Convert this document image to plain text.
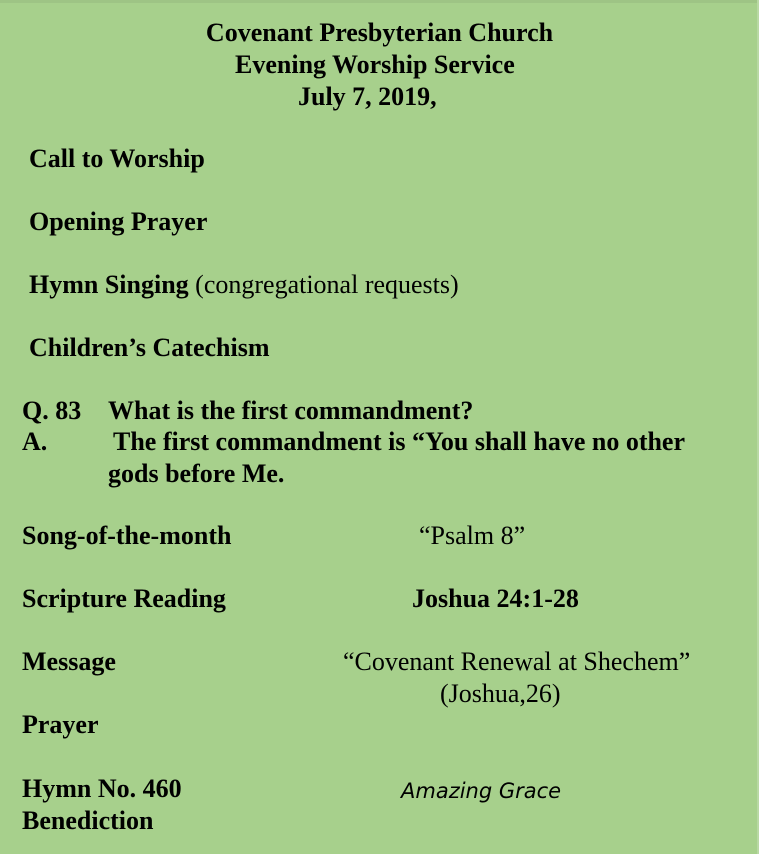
Covenant Presbyterian Church
Evening Worship Service
July 7, 2019,
Call to Worship
Opening Prayer
Hymn Singing (congregational requests)
Children’s Catechism
Q. 83 What is the first commandment?
A.	The first commandment is “You shall have no other
gods before Me.
Song-of-the-month	“Psalm 8”
Scripture Reading	Joshua 24:1-28
Message	“Covenant Renewal at Shechem”
(Joshua,26)
Prayer
Hymn No. 460	Amazing Grace
Benediction
